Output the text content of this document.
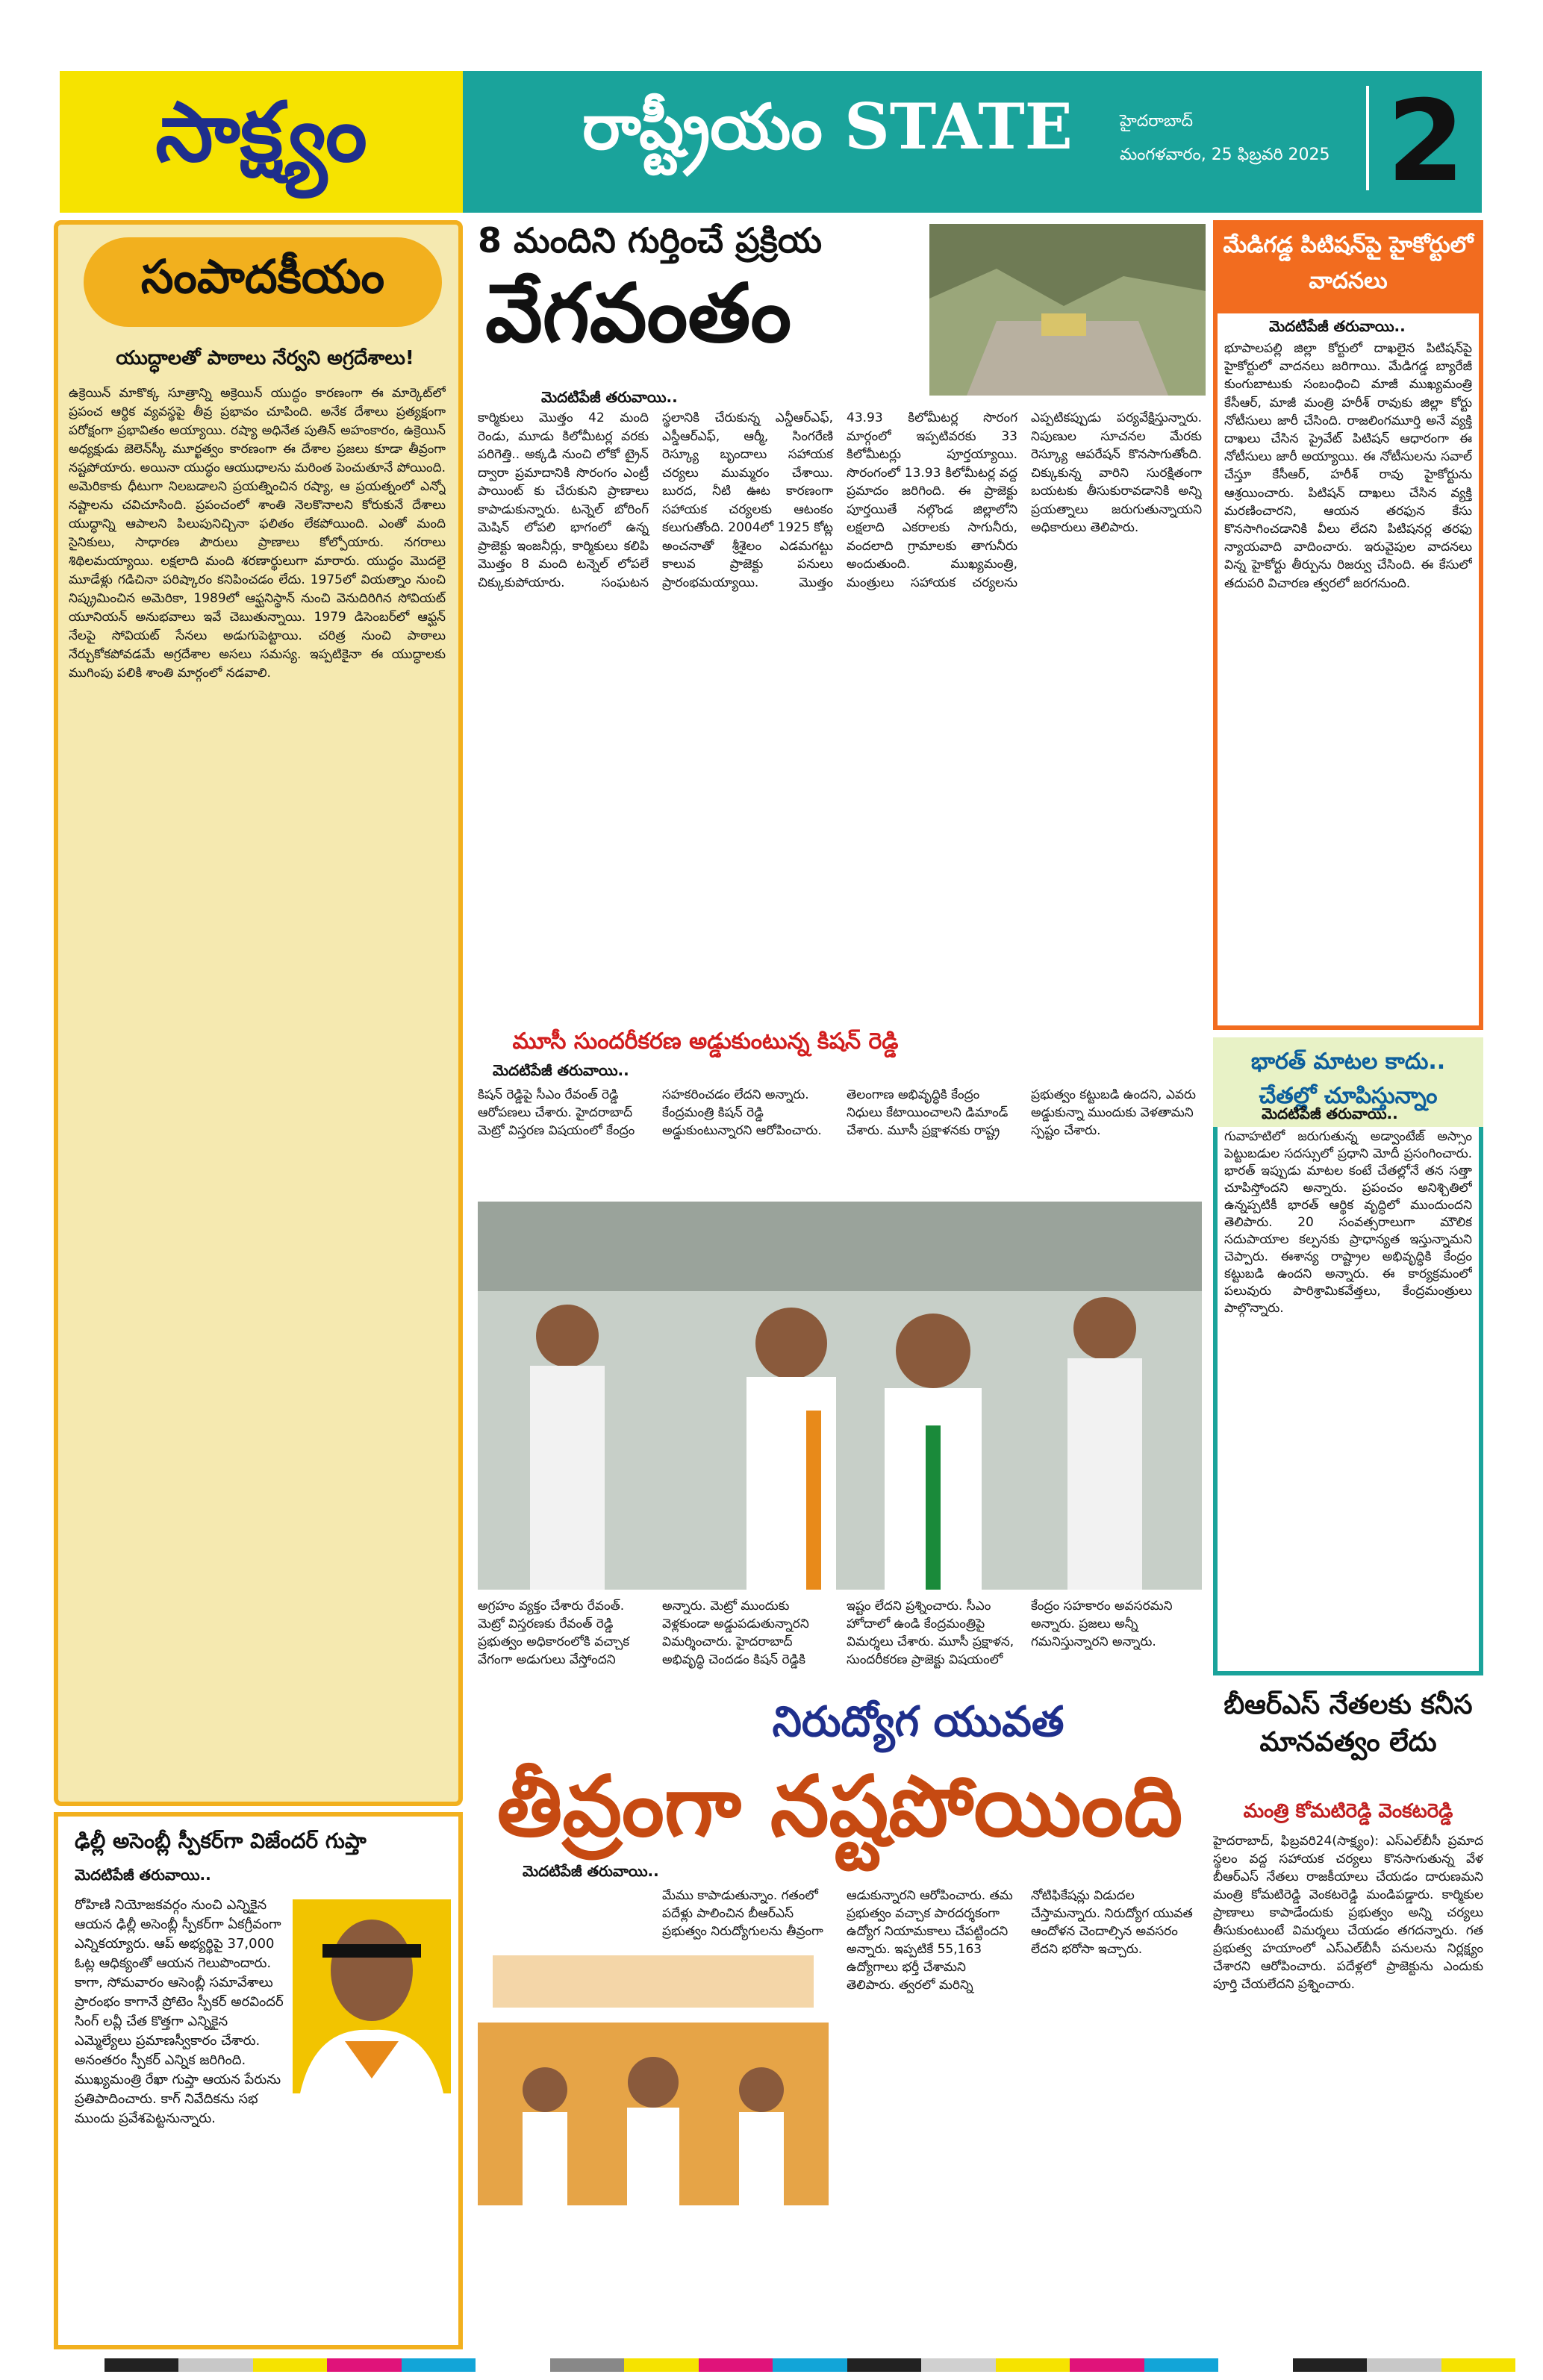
సాక్ష్యం	రాష్ట్రీయం STATE	హైదరాబాద్
మంగళవారం, 25 ఫిబ్రవరి 2025 2
సంపాదకీయం
యుద్ధాలతో పాఠాలు నేర్వని అగ్రదేశాలు!
ఉక్రెయిన్ మాకొక్క సూత్రాన్ని అక్రెయిన్ యుద్ధం కారణంగా ఈ మార్కెట్‌లో ప్రపంచ ఆర్థిక వ్యవస్థపై తీవ్ర ప్రభావం చూపింది. అనేక దేశాలు ప్రత్యక్షంగా పరోక్షంగా ప్రభావితం అయ్యాయి. రష్యా అధినేత పుతిన్ అహంకారం, ఉక్రెయిన్ అధ్యక్షుడు జెలెన్‌స్కీ మూర్ఖత్వం కారణంగా ఈ దేశాల ప్రజలు కూడా తీవ్రంగా నష్టపోయారు. అయినా యుద్ధం ఆయుధాలను మరింత పెంచుతూనే పోయింది. అమెరికాకు ధీటుగా నిలబడాలని ప్రయత్నించిన రష్యా, ఆ ప్రయత్నంలో ఎన్నో నష్టాలను చవిచూసింది. ప్రపంచంలో శాంతి నెలకొనాలని కోరుకునే దేశాలు యుద్ధాన్ని ఆపాలని పిలుపునిచ్చినా ఫలితం లేకపోయింది. ఎంతో మంది సైనికులు, సాధారణ పౌరులు ప్రాణాలు కోల్పోయారు. నగరాలు శిథిలమయ్యాయి. లక్షలాది మంది శరణార్థులుగా మారారు. యుద్ధం మొదలై మూడేళ్లు గడిచినా పరిష్కారం కనిపించడం లేదు. 1975లో వియత్నాం నుంచి నిష్క్రమించిన అమెరికా, 1989లో ఆఫ్ఘనిస్థాన్ నుంచి వెనుదిరిగిన సోవియట్ యూనియన్ అనుభవాలు ఇవే చెబుతున్నాయి. 1979 డిసెంబర్‌లో ఆఫ్ఘన్ నేలపై సోవియట్ సేనలు అడుగుపెట్టాయి. చరిత్ర నుంచి పాఠాలు నేర్చుకోకపోవడమే అగ్రదేశాల అసలు సమస్య. ఇప్పటికైనా ఈ యుద్ధాలకు ముగింపు పలికి శాంతి మార్గంలో నడవాలి.
ఢిల్లీ అసెంబ్లీ స్పీకర్‌గా విజేందర్ గుప్తా
మెదటిపేజీ తరువాయి..
రోహిణి నియోజకవర్గం నుంచి ఎన్నికైన ఆయన ఢిల్లీ అసెంబ్లీ స్పీకర్‌గా ఏకగ్రీవంగా ఎన్నికయ్యారు. ఆప్ అభ్యర్థిపై 37,000 ఓట్ల ఆధిక్యంతో ఆయన గెలుపొందారు. కాగా, సోమవారం ఆసెంబ్లీ సమావేశాలు ప్రారంభం కాగానే ప్రోటెం స్పీకర్ అరవిందర్ సింగ్ లవ్లీ చేత కొత్తగా ఎన్నికైన ఎమ్మెల్యేలు ప్రమాణస్వీకారం చేశారు. అనంతరం స్పీకర్ ఎన్నిక జరిగింది. ముఖ్యమంత్రి రేఖా గుప్తా ఆయన పేరును ప్రతిపాదించారు. కాగ్ నివేదికను సభ ముందు ప్రవేశపెట్టనున్నారు.
8 మందిని గుర్తించే ప్రక్రియ
వేగవంతం
మెదటిపేజీ తరువాయి..
కార్మికులు మొత్తం 42 మంది రెండు, మూడు కిలోమీటర్ల వరకు పరిగెత్తి.. అక్కడి నుంచి లోకో ట్రైన్ ద్వారా ప్రమాదానికి సొరంగం ఎంట్రీ పాయింట్ కు చేరుకుని ప్రాణాలు కాపాడుకున్నారు. టన్నెల్ బోరింగ్ మెషిన్ లోపలి భాగంలో ఉన్న ప్రాజెక్టు ఇంజనీర్లు, కార్మికులు కలిపి మొత్తం 8 మంది టన్నెల్ లోపలే చిక్కుకుపోయారు. సంఘటన స్థలానికి చేరుకున్న ఎన్డీఆర్‌ఎఫ్, ఎస్డీఆర్‌ఎఫ్, ఆర్మీ, సింగరేణి రెస్క్యూ బృందాలు సహాయక చర్యలు ముమ్మరం చేశాయి. బురద, నీటి ఊట కారణంగా సహాయక చర్యలకు ఆటంకం కలుగుతోంది. 2004లో 1925 కోట్ల అంచనాతో శ్రీశైలం ఎడమగట్టు కాలువ ప్రాజెక్టు పనులు ప్రారంభమయ్యాయి. మొత్తం 43.93 కిలోమీటర్ల సొరంగ మార్గంలో ఇప్పటివరకు 33 కిలోమీటర్లు పూర్తయ్యాయి. సొరంగంలో 13.93 కిలోమీటర్ల వద్ద ప్రమాదం జరిగింది. ఈ ప్రాజెక్టు పూర్తయితే నల్గొండ జిల్లాలోని లక్షలాది ఎకరాలకు సాగునీరు, వందలాది గ్రామాలకు తాగునీరు అందుతుంది. ముఖ్యమంత్రి, మంత్రులు సహాయక చర్యలను ఎప్పటికప్పుడు పర్యవేక్షిస్తున్నారు. నిపుణుల సూచనల మేరకు రెస్క్యూ ఆపరేషన్ కొనసాగుతోంది. చిక్కుకున్న వారిని సురక్షితంగా బయటకు తీసుకురావడానికి అన్ని ప్రయత్నాలు జరుగుతున్నాయని అధికారులు తెలిపారు.
మూసీ సుందరీకరణ అడ్డుకుంటున్న కిషన్ రెడ్డి
మెదటిపేజీ తరువాయి..
కిషన్ రెడ్డిపై సీఎం రేవంత్ రెడ్డి ఆరోపణలు చేశారు. హైదరాబాద్ మెట్రో విస్తరణ విషయంలో కేంద్రం సహకరించడం లేదని అన్నారు. కేంద్రమంత్రి కిషన్ రెడ్డి అడ్డుకుంటున్నారని ఆరోపించారు. తెలంగాణ అభివృద్ధికి కేంద్రం నిధులు కేటాయించాలని డిమాండ్ చేశారు. మూసీ ప్రక్షాళనకు రాష్ట్ర ప్రభుత్వం కట్టుబడి ఉందని, ఎవరు అడ్డుకున్నా ముందుకు వెళతామని స్పష్టం చేశారు.
అగ్రహం వ్యక్తం చేశారు రేవంత్. మెట్రో విస్తరణకు రేవంత్ రెడ్డి ప్రభుత్వం అధికారంలోకి వచ్చాక వేగంగా అడుగులు వేస్తోందని అన్నారు. మెట్రో ముందుకు వెళ్లకుండా అడ్డుపడుతున్నారని విమర్శించారు. హైదరాబాద్ అభివృద్ధి చెందడం కిషన్ రెడ్డికి ఇష్టం లేదని ప్రశ్నించారు. సీఎం హోదాలో ఉండి కేంద్రమంత్రిపై విమర్శలు చేశారు. మూసీ ప్రక్షాళన, సుందరీకరణ ప్రాజెక్టు విషయంలో కేంద్రం సహకారం అవసరమని అన్నారు. ప్రజలు అన్నీ గమనిస్తున్నారని అన్నారు.
నిరుద్యోగ యువత
తీవ్రంగా నష్టపోయింది
మెదటిపేజీ తరువాయి..
మేము కాపాడుతున్నాం. గతంలో పదేళ్లు పాలించిన బీఆర్ఎస్ ప్రభుత్వం నిరుద్యోగులను తీవ్రంగా ఆడుకున్నారని ఆరోపించారు. తమ ప్రభుత్వం వచ్చాక పారదర్శకంగా ఉద్యోగ నియామకాలు చేపట్టిందని అన్నారు. ఇప్పటికే 55,163 ఉద్యోగాలు భర్తీ చేశామని తెలిపారు. త్వరలో మరిన్ని నోటిఫికేషన్లు విడుదల చేస్తామన్నారు. నిరుద్యోగ యువత ఆందోళన చెందాల్సిన అవసరం లేదని భరోసా ఇచ్చారు.
మేడిగడ్డ పిటిషన్‌పై హైకోర్టులో వాదనలు
మెదటిపేజీ తరువాయి..
భూపాలపల్లి జిల్లా కోర్టులో దాఖలైన పిటిషన్‌పై హైకోర్టులో వాదనలు జరిగాయి. మేడిగడ్డ బ్యారేజీ కుంగుబాటుకు సంబంధించి మాజీ ముఖ్యమంత్రి కేసీఆర్, మాజీ మంత్రి హరీశ్ రావుకు జిల్లా కోర్టు నోటీసులు జారీ చేసింది. రాజలింగమూర్తి అనే వ్యక్తి దాఖలు చేసిన ప్రైవేట్ పిటిషన్ ఆధారంగా ఈ నోటీసులు జారీ అయ్యాయి. ఈ నోటీసులను సవాల్ చేస్తూ కేసీఆర్, హరీశ్ రావు హైకోర్టును ఆశ్రయించారు. పిటిషన్ దాఖలు చేసిన వ్యక్తి మరణించారని, ఆయన తరఫున కేసు కొనసాగించడానికి వీలు లేదని పిటిషనర్ల తరఫు న్యాయవాది వాదించారు. ఇరువైపుల వాదనలు విన్న హైకోర్టు తీర్పును రిజర్వు చేసింది. ఈ కేసులో తదుపరి విచారణ త్వరలో జరగనుంది.
భారత్ మాటల కాదు.. చేతల్లో చూపిస్తున్నాం
మెదటిపేజీ తరువాయి..
గువాహటిలో జరుగుతున్న అడ్వాంటేజ్ అస్సాం పెట్టుబడుల సదస్సులో ప్రధాని మోదీ ప్రసంగించారు. భారత్ ఇప్పుడు మాటల కంటే చేతల్లోనే తన సత్తా చూపిస్తోందని అన్నారు. ప్రపంచం అనిశ్చితిలో ఉన్నప్పటికీ భారత్ ఆర్థిక వృద్ధిలో ముందుందని తెలిపారు. 20 సంవత్సరాలుగా మౌలిక సదుపాయాల కల్పనకు ప్రాధాన్యత ఇస్తున్నామని చెప్పారు. ఈశాన్య రాష్ట్రాల అభివృద్ధికి కేంద్రం కట్టుబడి ఉందని అన్నారు. ఈ కార్యక్రమంలో పలువురు పారిశ్రామికవేత్తలు, కేంద్రమంత్రులు పాల్గొన్నారు.
బీఆర్ఎస్ నేతలకు కనీస మానవత్వం లేదు
మంత్రి కోమటిరెడ్డి వెంకటరెడ్డి
హైదరాబాద్, ఫిబ్రవరి24(సాక్ష్యం): ఎస్ఎల్‌బీసీ ప్రమాద స్థలం వద్ద సహాయక చర్యలు కొనసాగుతున్న వేళ బీఆర్ఎస్ నేతలు రాజకీయాలు చేయడం దారుణమని మంత్రి కోమటిరెడ్డి వెంకటరెడ్డి మండిపడ్డారు. కార్మికుల ప్రాణాలు కాపాడేందుకు ప్రభుత్వం అన్ని చర్యలు తీసుకుంటుంటే విమర్శలు చేయడం తగదన్నారు. గత ప్రభుత్వ హయాంలో ఎస్ఎల్‌బీసీ పనులను నిర్లక్ష్యం చేశారని ఆరోపించారు. పదేళ్లలో ప్రాజెక్టును ఎందుకు పూర్తి చేయలేదని ప్రశ్నించారు.
